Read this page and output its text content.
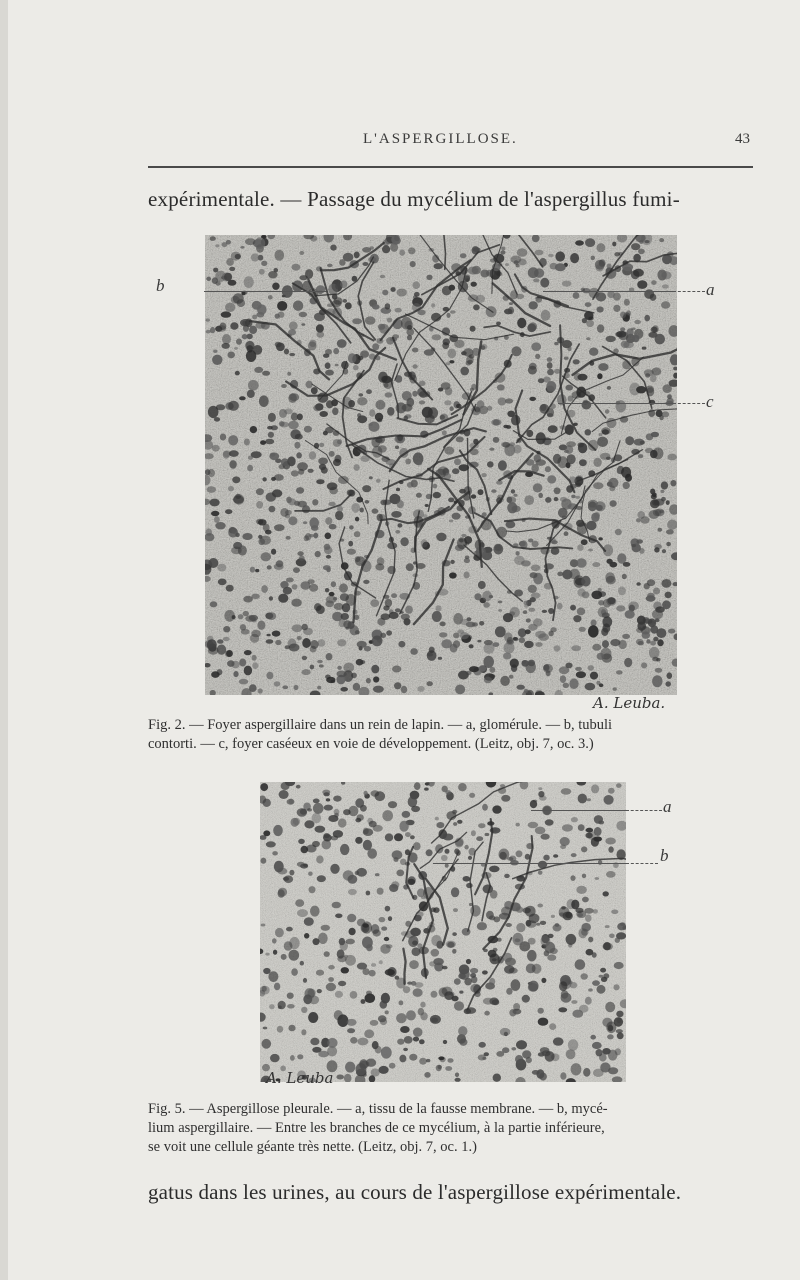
L'ASPERGILLOSE.	43
expérimentale. — Passage du mycélium de l'aspergillus fumi-
b	a
c
A. Leuba.
Fig. 2. — Foyer aspergillaire dans un rein de lapin. — a, glomérule. — b, tubuli
contorti. — c, foyer caséeux en voie de développement. (Leitz, obj. 7, oc. 3.)
a
b
A. Leuba
Fig. 5. — Aspergillose pleurale. — a, tissu de la fausse membrane. — b, mycé-
lium aspergillaire. — Entre les branches de ce mycélium, à la partie inférieure,
se voit une cellule géante très nette. (Leitz, obj. 7, oc. 1.)
gatus dans les urines, au cours de l'aspergillose expérimentale.
